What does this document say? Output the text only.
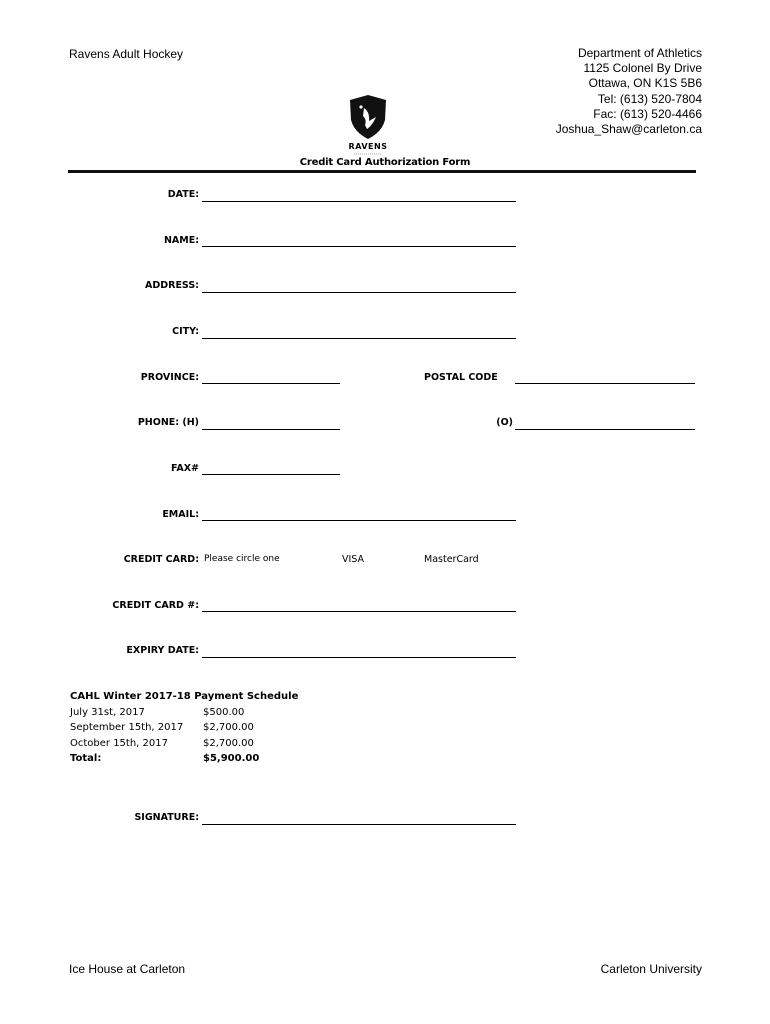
Ravens Adult Hockey	Department of Athletics
1125 Colonel By Drive
Ottawa, ON K1S 5B6
Tel: (613) 520-7804
Fac: (613) 520-4466
Joshua_Shaw@carleton.ca
RAVENS
Credit Card Authorization Form
DATE:
NAME:
ADDRESS:
CITY:
PROVINCE:	POSTAL CODE
PHONE: (H)	(O)
FAX#
EMAIL:
CREDIT CARD: Please circle one	VISA	MasterCard
CREDIT CARD #:
EXPIRY DATE:
CAHL Winter 2017-18 Payment Schedule
July 31st, 2017	$500.00
September 15th, 2017	$2,700.00
October 15th, 2017	$2,700.00
Total:	$5,900.00
SIGNATURE:
Ice House at Carleton	Carleton University
